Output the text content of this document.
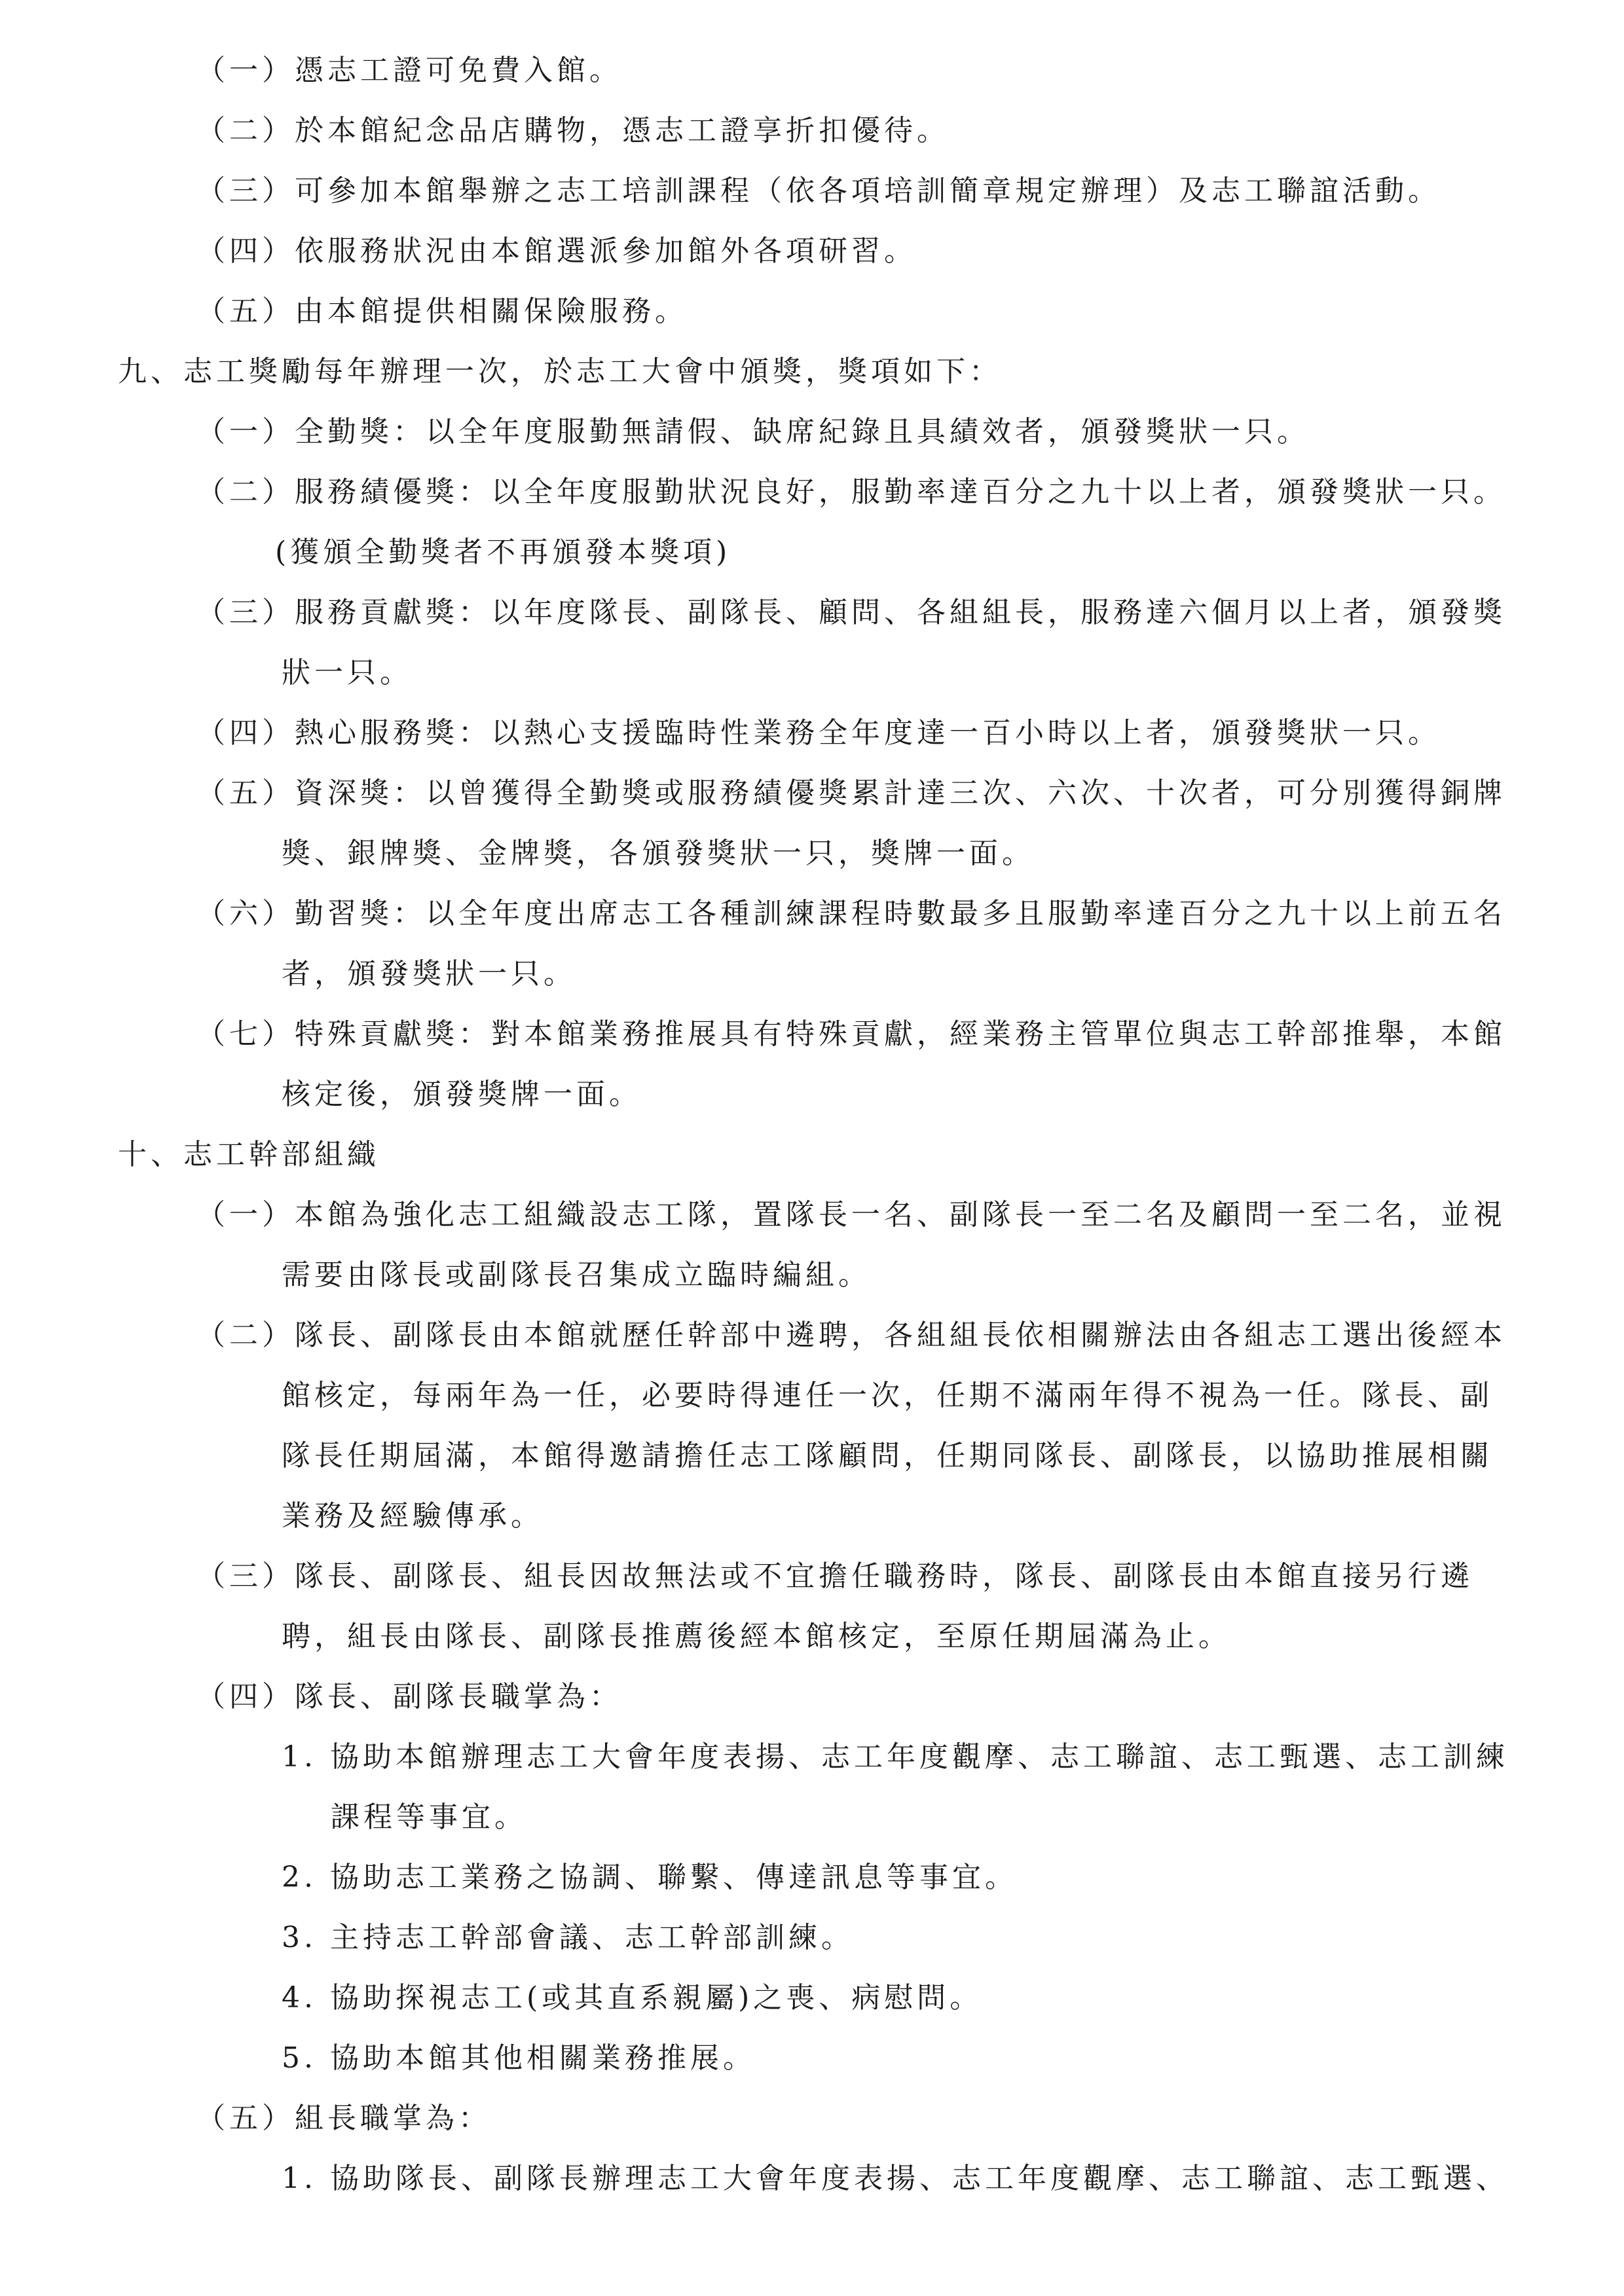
（一）憑志工證可免費入館。
（二）於本館紀念品店購物，憑志工證享折扣優待。
（三）可參加本館舉辦之志工培訓課程（依各項培訓簡章規定辦理）及志工聯誼活動。
（四）依服務狀況由本館選派參加館外各項研習。
（五）由本館提供相關保險服務。
九、志工獎勵每年辦理一次，於志工大會中頒獎，獎項如下：
（一）全勤獎：以全年度服勤無請假、缺席紀錄且具績效者，頒發獎狀一只。
（二）服務績優獎：以全年度服勤狀況良好，服勤率達百分之九十以上者，頒發獎狀一只。
(獲頒全勤獎者不再頒發本獎項)
（三）服務貢獻獎：以年度隊長、副隊長、顧問、各組組長，服務達六個月以上者，頒發獎
狀一只。
（四）熱心服務獎：以熱心支援臨時性業務全年度達一百小時以上者，頒發獎狀一只。
（五）資深獎：以曾獲得全勤獎或服務績優獎累計達三次、六次、十次者，可分別獲得銅牌
獎、銀牌獎、金牌獎，各頒發獎狀一只，獎牌一面。
（六）勤習獎：以全年度出席志工各種訓練課程時數最多且服勤率達百分之九十以上前五名
者，頒發獎狀一只。
（七）特殊貢獻獎：對本館業務推展具有特殊貢獻，經業務主管單位與志工幹部推舉，本館
核定後，頒發獎牌一面。
十、志工幹部組織
（一）本館為強化志工組織設志工隊，置隊長一名、副隊長一至二名及顧問一至二名，並視
需要由隊長或副隊長召集成立臨時編組。
（二）隊長、副隊長由本館就歷任幹部中遴聘，各組組長依相關辦法由各組志工選出後經本
館核定，每兩年為一任，必要時得連任一次，任期不滿兩年得不視為一任。隊長、副
隊長任期屆滿，本館得邀請擔任志工隊顧問，任期同隊長、副隊長，以協助推展相關
業務及經驗傳承。
（三）隊長、副隊長、組長因故無法或不宜擔任職務時，隊長、副隊長由本館直接另行遴
聘，組長由隊長、副隊長推薦後經本館核定，至原任期屆滿為止。
（四）隊長、副隊長職掌為：
1. 協助本館辦理志工大會年度表揚、志工年度觀摩、志工聯誼、志工甄選、志工訓練
課程等事宜。
2. 協助志工業務之協調、聯繫、傳達訊息等事宜。
3. 主持志工幹部會議、志工幹部訓練。
4. 協助探視志工(或其直系親屬)之喪、病慰問。
5. 協助本館其他相關業務推展。
（五）組長職掌為：
1. 協助隊長、副隊長辦理志工大會年度表揚、志工年度觀摩、志工聯誼、志工甄選、
